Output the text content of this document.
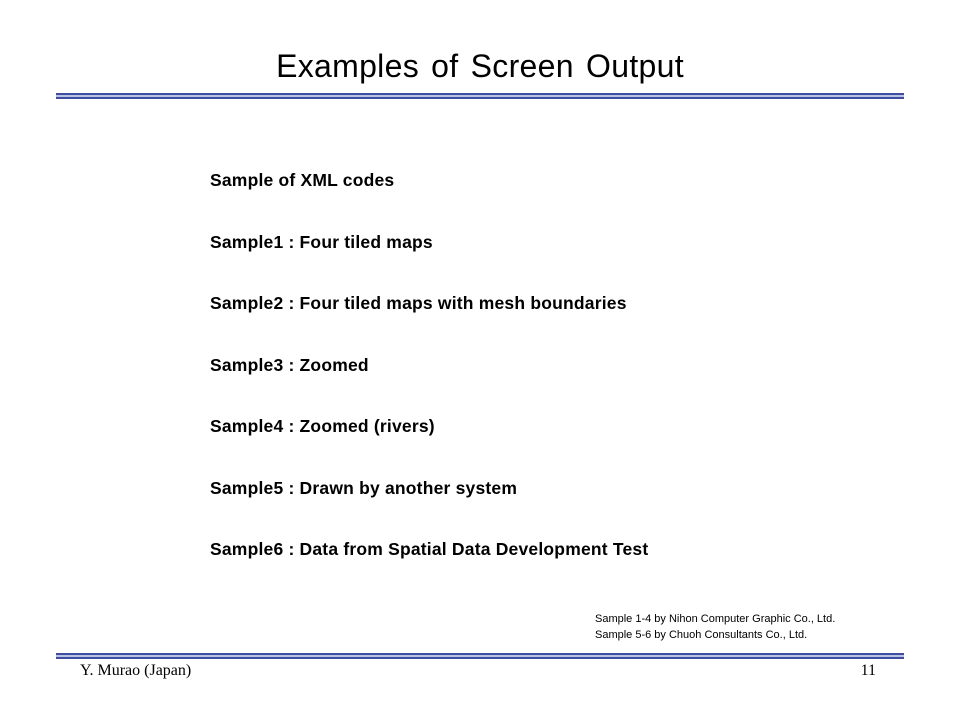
Examples of Screen Output
Sample of XML codes
Sample1 : Four tiled maps
Sample2 : Four tiled maps with mesh boundaries
Sample3 : Zoomed
Sample4 : Zoomed (rivers)
Sample5 : Drawn by another system
Sample6 : Data from Spatial Data Development Test
Sample 1-4 by Nihon Computer Graphic Co., Ltd.
Sample 5-6 by Chuoh Consultants Co., Ltd.
Y. Murao (Japan)	11
